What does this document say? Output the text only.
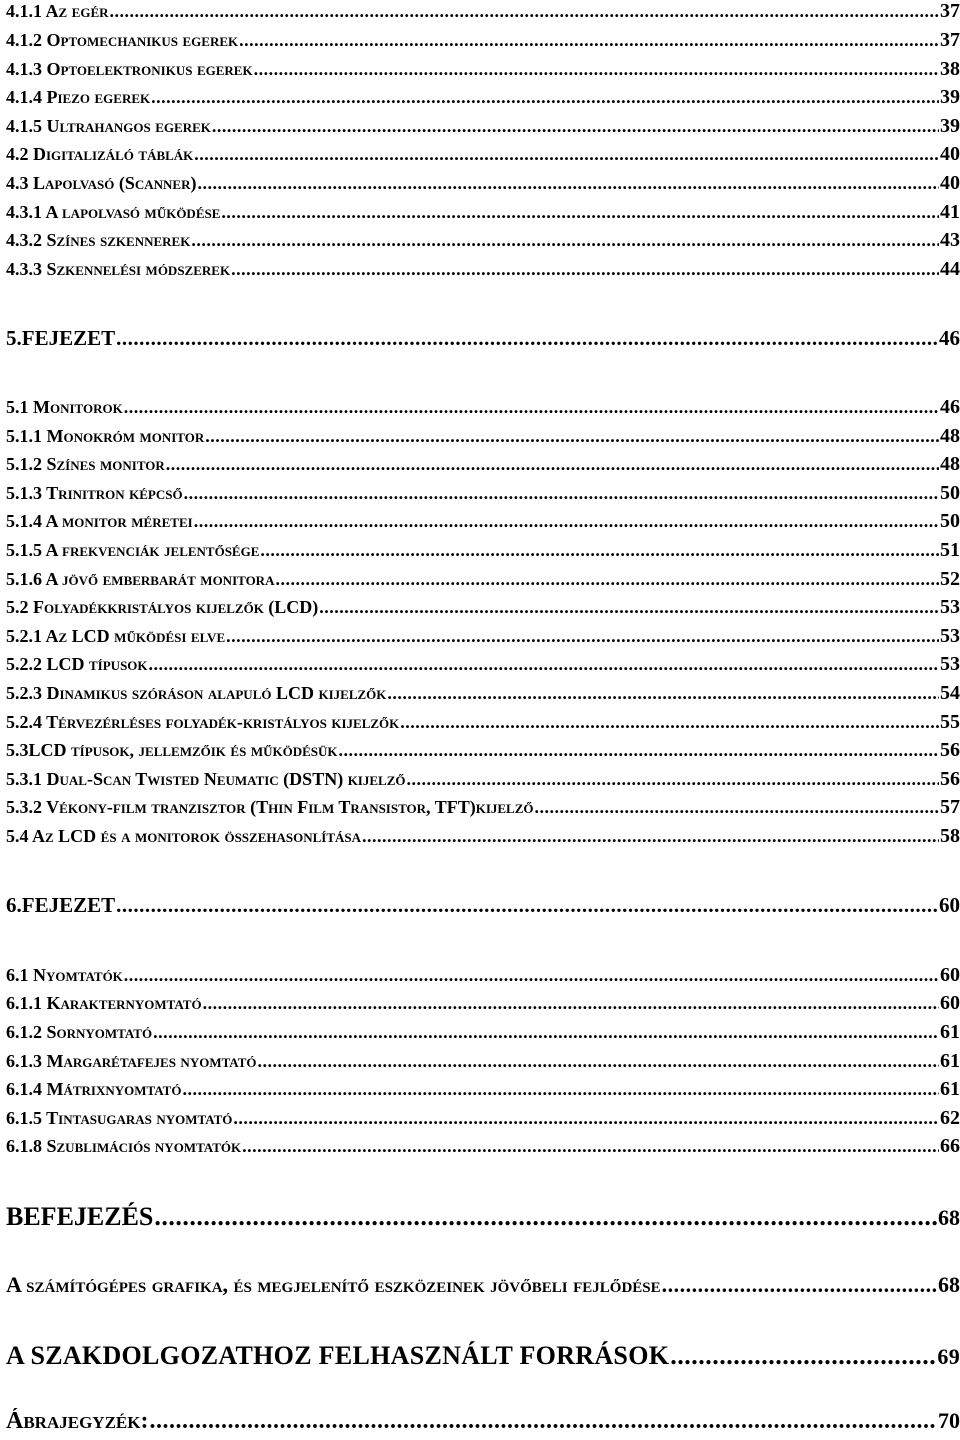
4.1.1 Az egér .....	37
4.1.2 Optomechanikus egerek .....	37
4.1.3 Optoelektronikus egerek .....	38
4.1.4 Piezo egerek .....	39
4.1.5 Ultrahangos egerek .....	39
4.2 Digitalizáló táblák .....	40
4.3 Lapolvasó (Scanner) .....	40
4.3.1 A lapolvasó működése .....	41
4.3.2 Színes szkennerek .....	43
4.3.3 Szkennelési módszerek .....	44
5.FEJEZET .....	46
5.1 Monitorok .....	46
5.1.1 Monokróm monitor .....	48
5.1.2 Színes monitor .....	48
5.1.3 Trinitron képcső .....	50
5.1.4 A monitor méretei .....	50
5.1.5 A frekvenciák jelentősége .....	51
5.1.6 A jövő emberbarát monitora .....	52
5.2 Folyadékkristályos kijelzők (LCD) .....	53
5.2.1 Az LCD működési elve .....	53
5.2.2 LCD típusok .....	53
5.2.3 Dinamikus szóráson alapuló LCD kijelzők .....	54
5.2.4 Térvezérléses folyadék-kristályos kijelzők .....	55
5.3LCD típusok, jellemzőik és működésük .....	56
5.3.1 Dual-Scan Twisted Neumatic (DSTN) kijelző .....	56
5.3.2 Vékony-film tranzisztor (Thin Film Transistor, TFT)kijelző .....	57
5.4 Az LCD és a monitorok összehasonlítása .....	58
6.FEJEZET .....	60
6.1 Nyomtatók .....	60
6.1.1 Karakternyomtató .....	60
6.1.2 Sornyomtató .....	61
6.1.3 Margarétafejes nyomtató .....	61
6.1.4 Mátrixnyomtató .....	61
6.1.5 Tintasugaras nyomtató .....	62
6.1.8 Szublimációs nyomtatók .....	66
BEFEJEZÉS .....	68
A számítógépes grafika, és megjelenítő eszközeinek jövőbeli fejlődése .....	68
A SZAKDOLGOZATHOZ FELHASZNÁLT FORRÁSOK .....	69
Ábrajegyzék: .....	70
